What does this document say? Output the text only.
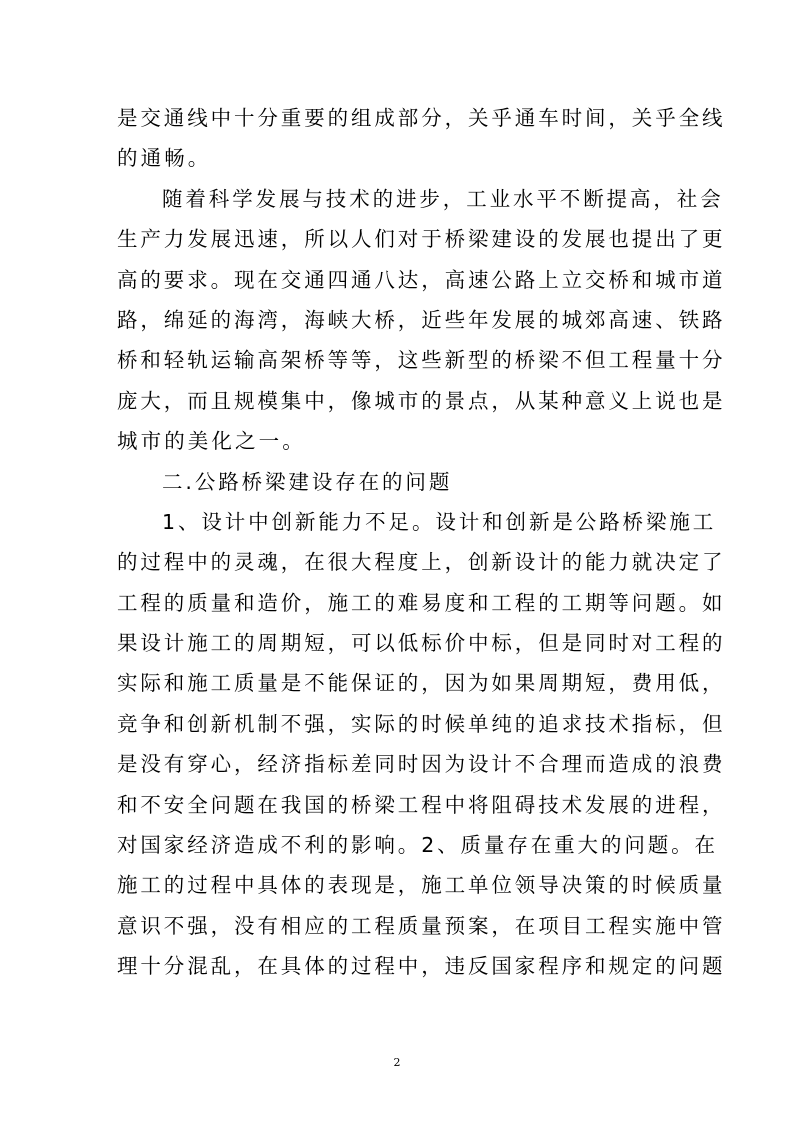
是交通线中十分重要的组成部分，关乎通车时间，关乎全线
的通畅。
随着科学发展与技术的进步，工业水平不断提高，社会
生产力发展迅速，所以人们对于桥梁建设的发展也提出了更
高的要求。现在交通四通八达，高速公路上立交桥和城市道
路，绵延的海湾，海峡大桥，近些年发展的城郊高速、铁路
桥和轻轨运输高架桥等等，这些新型的桥梁不但工程量十分
庞大，而且规模集中，像城市的景点，从某种意义上说也是
城市的美化之一。
二.公路桥梁建设存在的问题
1、设计中创新能力不足。设计和创新是公路桥梁施工
的过程中的灵魂，在很大程度上，创新设计的能力就决定了
工程的质量和造价，施工的难易度和工程的工期等问题。如
果设计施工的周期短，可以低标价中标，但是同时对工程的
实际和施工质量是不能保证的，因为如果周期短，费用低，
竞争和创新机制不强，实际的时候单纯的追求技术指标，但
是没有穿心，经济指标差同时因为设计不合理而造成的浪费
和不安全问题在我国的桥梁工程中将阻碍技术发展的进程，
对国家经济造成不利的影响。2、质量存在重大的问题。在
施工的过程中具体的表现是，施工单位领导决策的时候质量
意识不强，没有相应的工程质量预案，在项目工程实施中管
理十分混乱，在具体的过程中，违反国家程序和规定的问题
2
